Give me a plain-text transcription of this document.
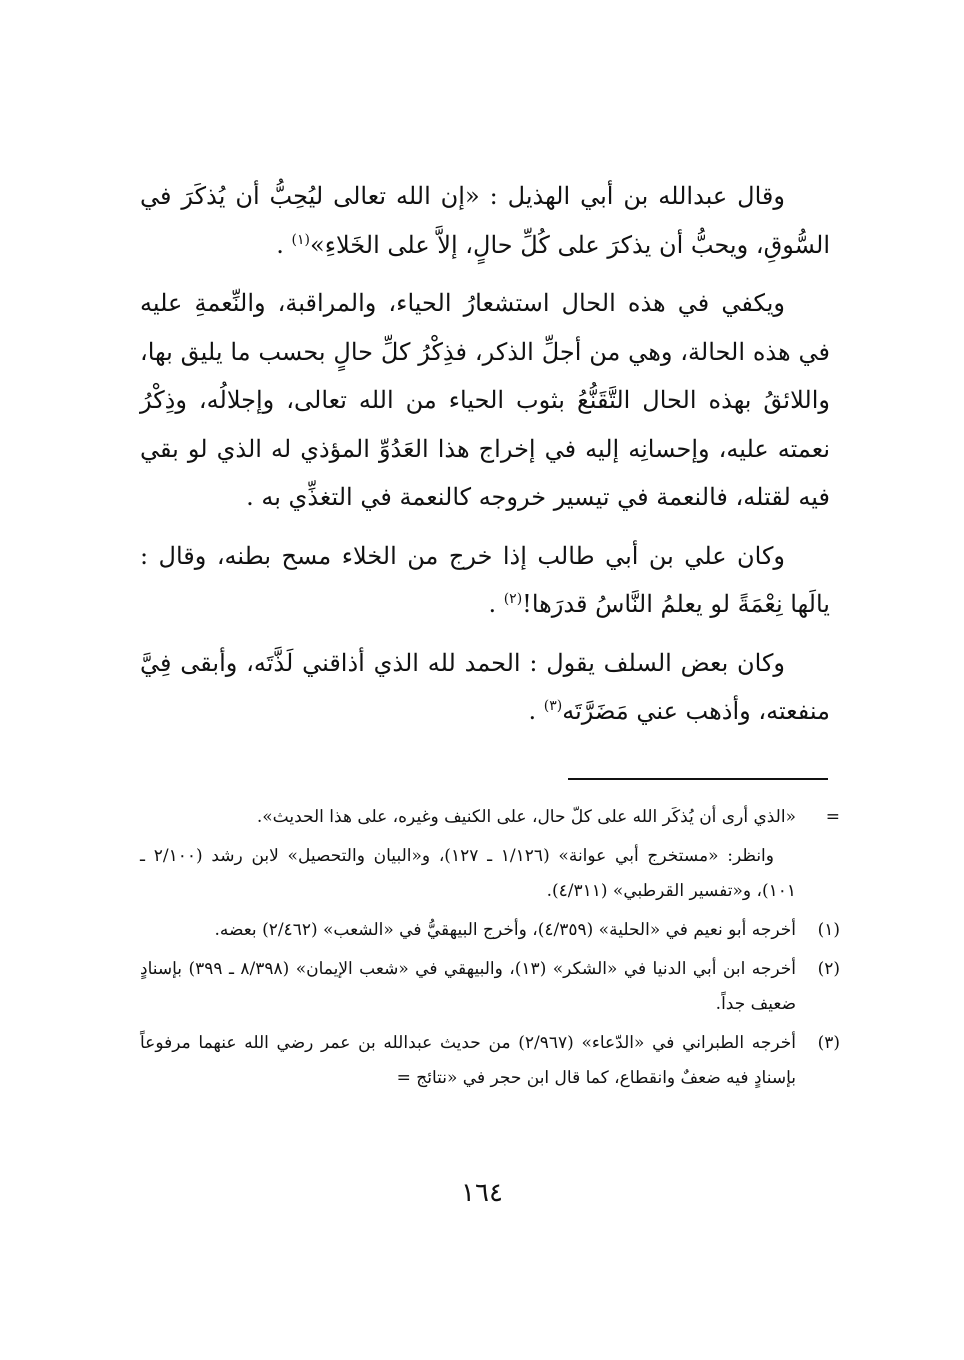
وقال عبدالله بن أبي الهذيل : «إن الله تعالى ليُحِبُّ أن يُذكَرَ في السُّوقِ، ويحبُّ أن يذكرَ على كُلِّ حالٍ، إلاَّ على الخَلاءِ»$^{(١)}$ .

ويكفي في هذه الحال استشعارُ الحياء، والمراقبة، والنِّعمةِ عليه في هذه الحالة، وهي من أجلِّ الذكر، فذِكْرُ كلِّ حالٍ بحسب ما يليق بها، واللائقُ بهذه الحال التَّقَنُّعُ بثوب الحياء من الله تعالى، وإجلالُه، وذِكْرُ نعمته عليه، وإحسانِه إليه في إخراج هذا العَدُوِّ المؤذي له الذي لو بقي فيه لقتله، فالنعمة في تيسير خروجه كالنعمة في التغذِّي به .

وكان علي بن أبي طالب إذا خرج من الخلاء مسح بطنه، وقال : يالَها نِعْمَةً لو يعلمُ النَّاسُ قدرَها!$^{(٢)}$ .

وكان بعض السلف يقول : الحمد لله الذي أذاقني لَذَّتَه، وأبقى فِيَّ منفعته، وأذهب عني مَضَرَّتَه$^{(٣)}$ .

=
«الذي أرى أن يُذكَر الله على كلّ حال، على الكنيف وغيره، على هذا الحديث».
وانظر: «مستخرج أبي عوانة» (١/١٢٦ ـ ١٢٧)، و«البيان والتحصيل» لابن رشد (٢/١٠٠ ـ ١٠١)، و«تفسير القرطبي» (٤/٣١١).
(١)
أخرجه أبو نعيم في «الحلية» (٤/٣٥٩)، وأخرج البيهقيُّ في «الشعب» (٢/٤٦٢) بعضه.
(٢)
أخرجه ابن أبي الدنيا في «الشكر» (١٣)، والبيهقي في «شعب الإيمان» (٨/٣٩٨ ـ ٣٩٩) بإسنادٍ ضعيف جداً.
(٣)
أخرجه الطبراني في «الدّعاء» (٢/٩٦٧) من حديث عبدالله بن عمر رضي الله عنهما مرفوعاً بإسنادٍ فيه ضعفٌ وانقطاع، كما قال ابن حجر في «نتائج =
١٦٤
